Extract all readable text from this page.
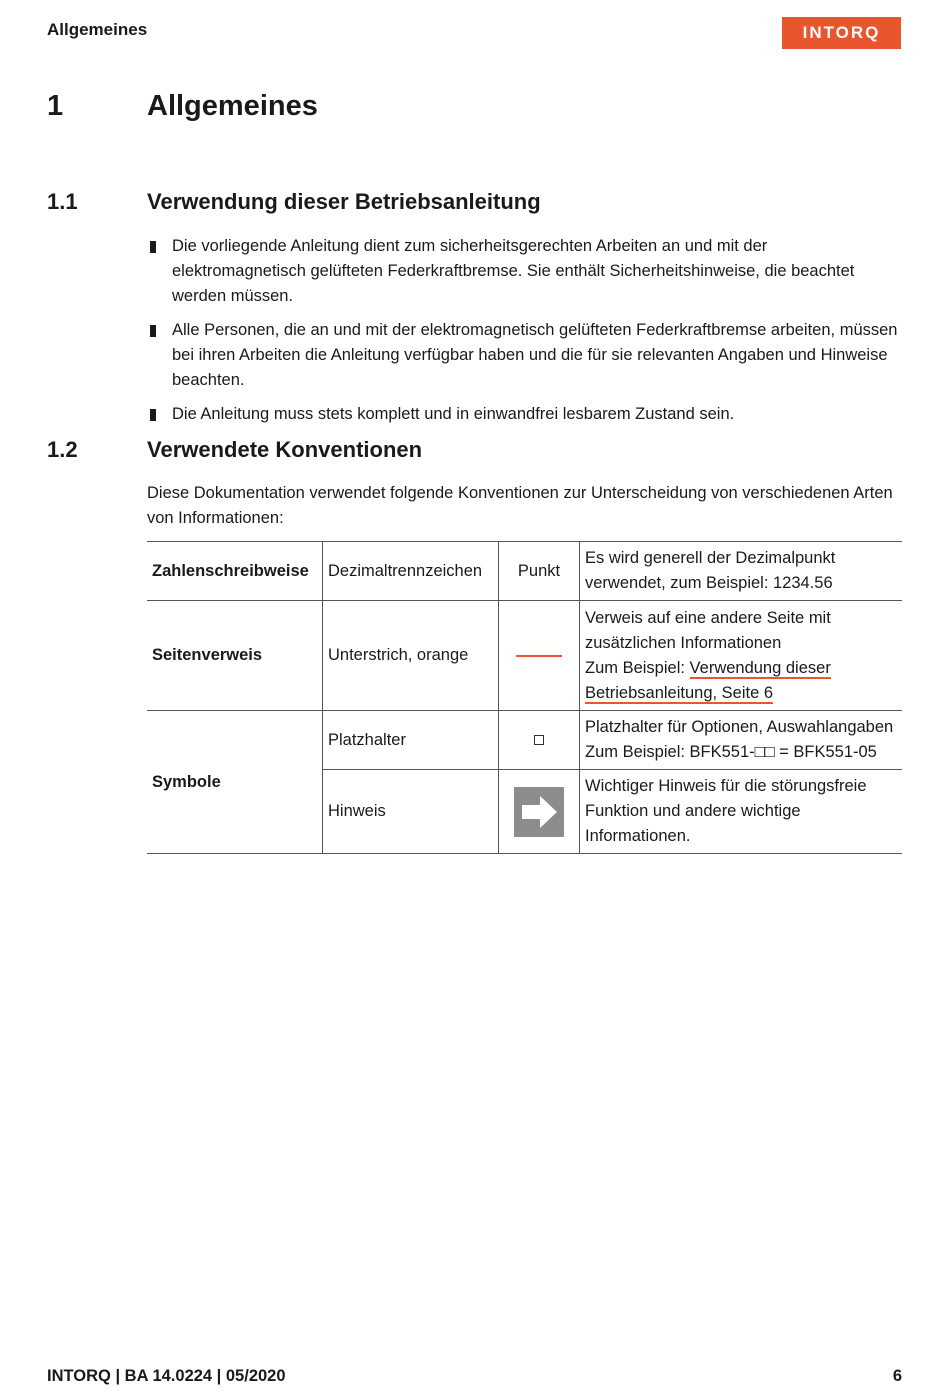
Allgemeines	INTORQ
1	Allgemeines
1.1	Verwendung dieser Betriebsanleitung
Die vorliegende Anleitung dient zum sicherheitsgerechten Arbeiten an und mit der elektromagnetisch gelüfteten Federkraftbremse. Sie enthält Sicherheitshinweise, die beachtet werden müssen.
Alle Personen, die an und mit der elektromagnetisch gelüfteten Federkraftbremse arbeiten, müssen bei ihren Arbeiten die Anleitung verfügbar haben und die für sie relevanten Angaben und Hinweise beachten.
Die Anleitung muss stets komplett und in einwandfrei lesbarem Zustand sein.
1.2	Verwendete Konventionen
Diese Dokumentation verwendet folgende Konventionen zur Unterscheidung von verschiedenen Arten von Informationen:
Zahlenschreibweise	Dezimaltrennzeichen	Punkt	Es wird generell der Dezimalpunkt verwendet, zum Beispiel: 1234.56
Seitenverweis	Unterstrich, orange		Verweis auf eine andere Seite mit zusätzlichen Informationen
Zum Beispiel: Verwendung dieser Betriebsanleitung, Seite 6

Symbole	Platzhalter		Platzhalter für Optionen, Auswahlangaben
Zum Beispiel: BFK551-□□ = BFK551-05

	Hinweis		Wichtiger Hinweis für die störungsfreie Funktion und andere wichtige Informationen.
INTORQ | BA 14.0224 | 05/2020	6
